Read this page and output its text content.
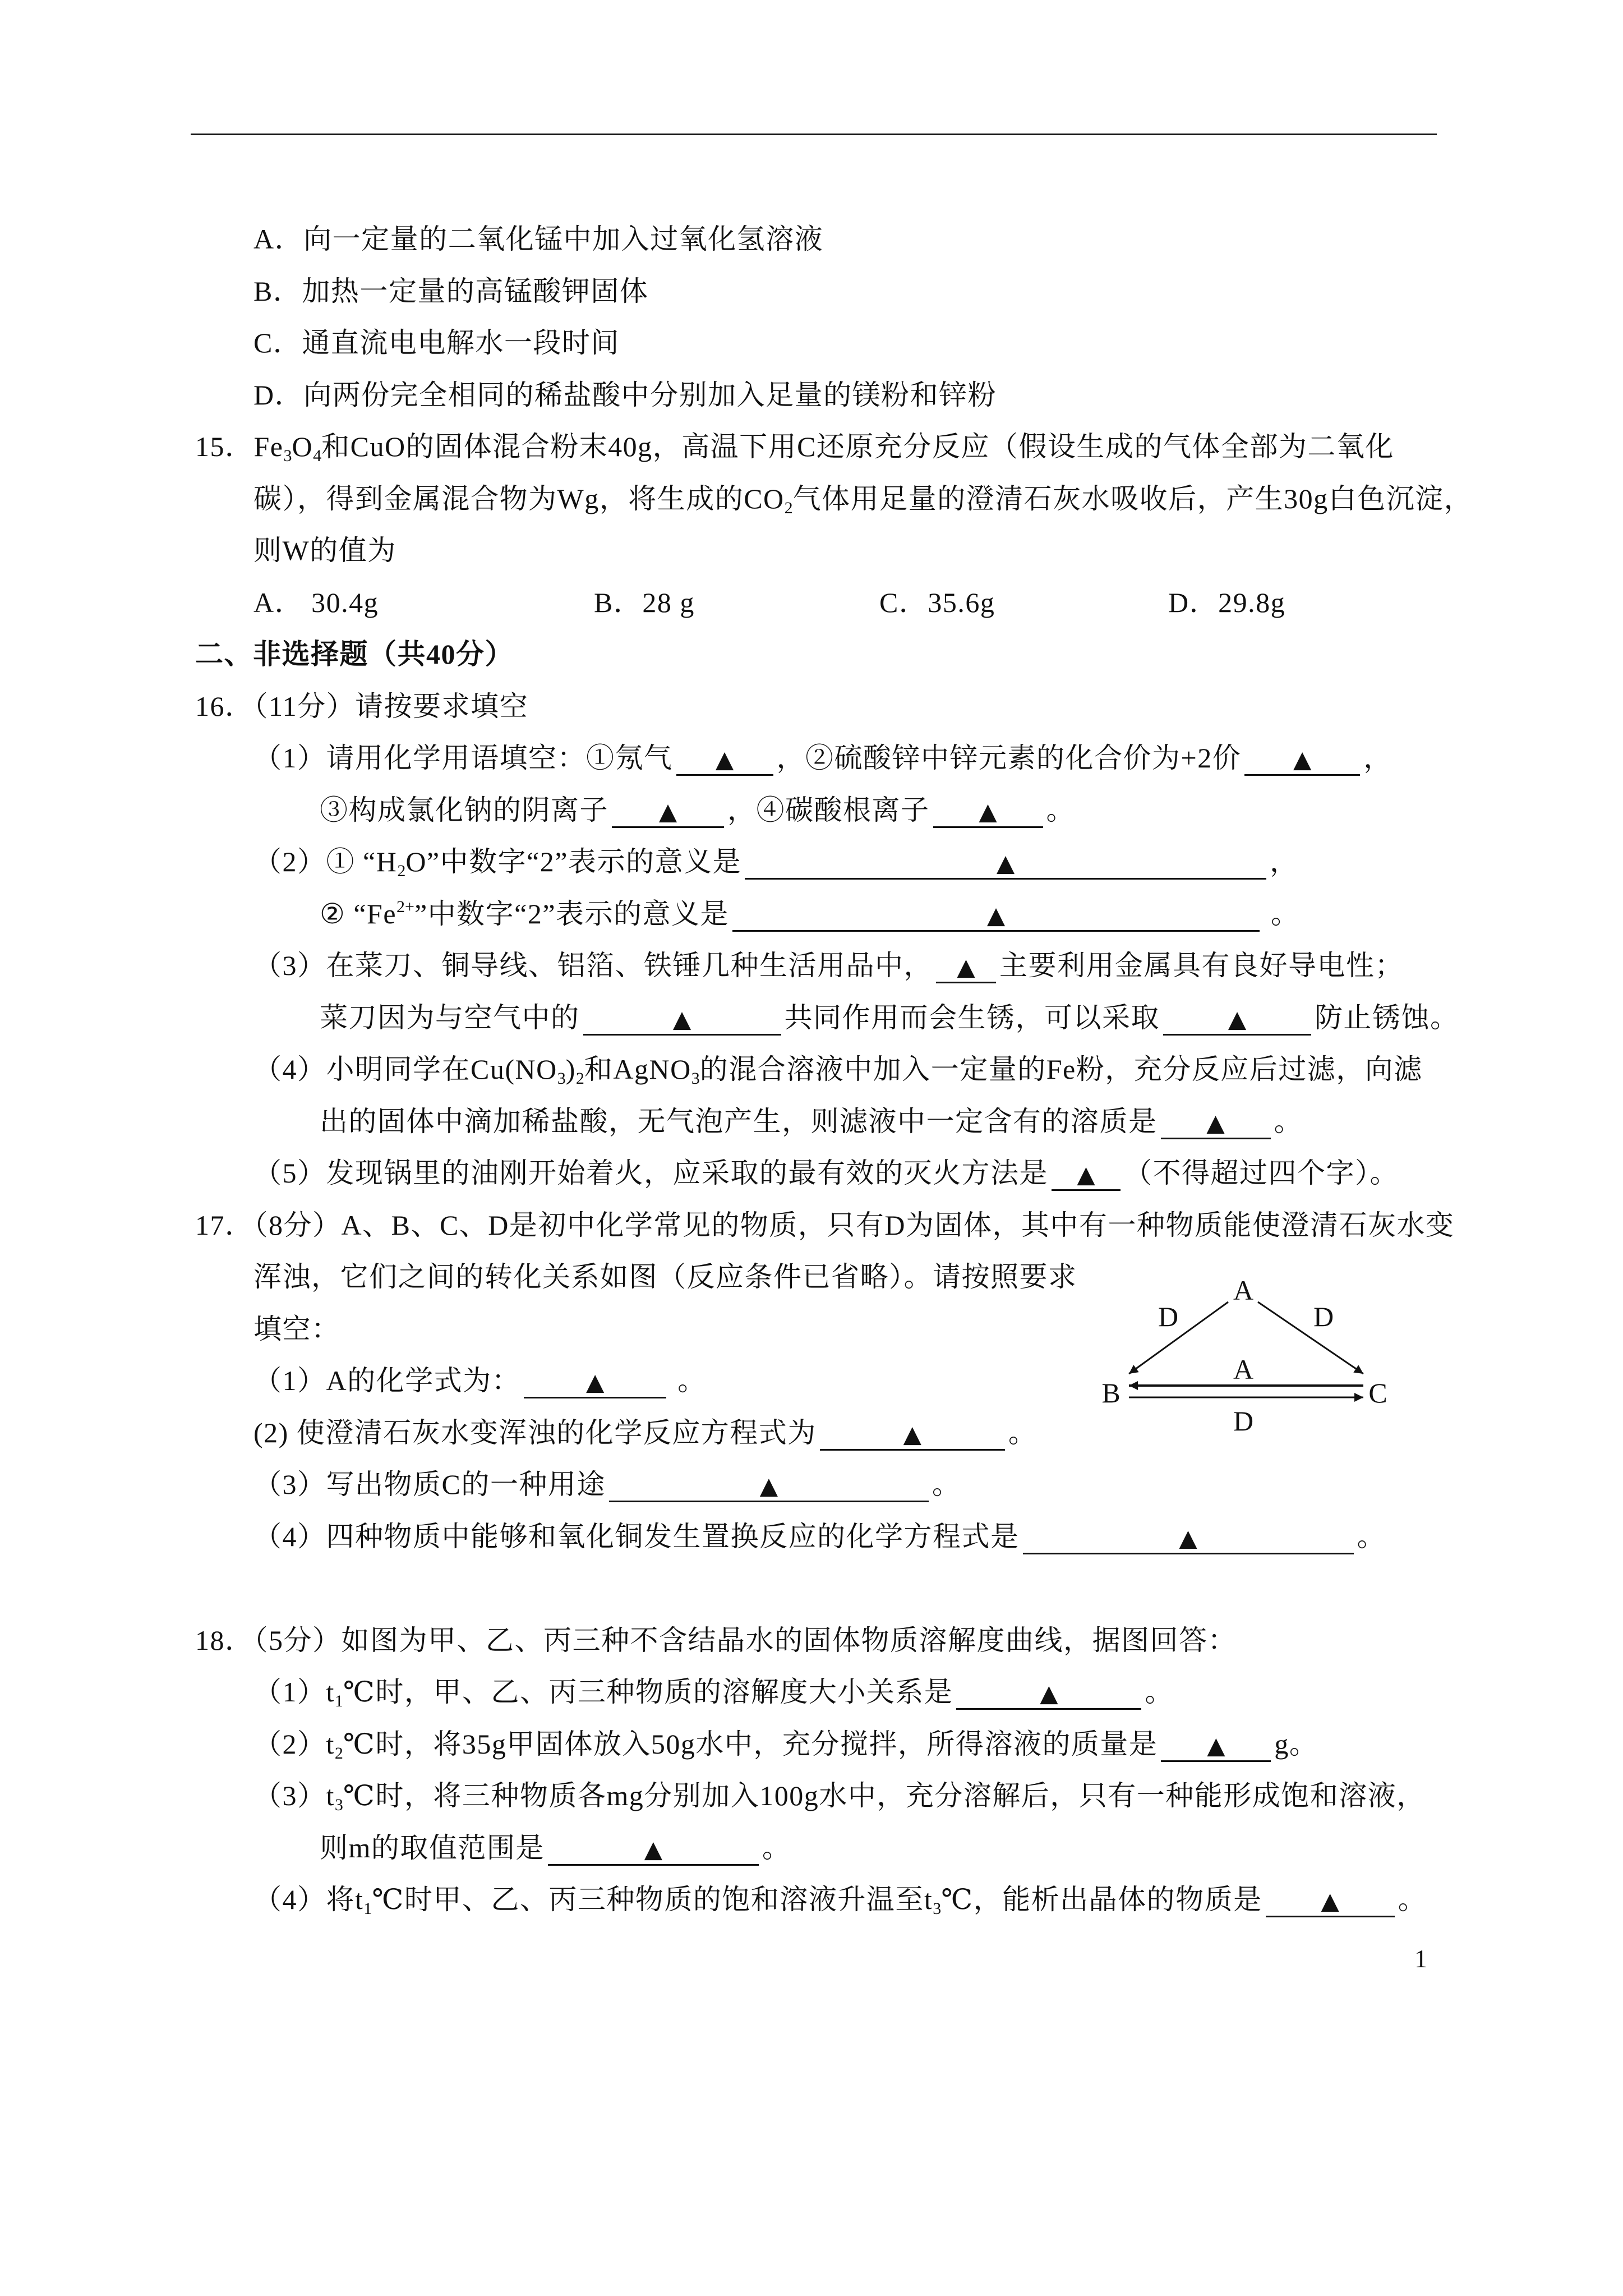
A．向一定量的二氧化锰中加入过氧化氢溶液
B．加热一定量的高锰酸钾固体
C．通直流电电解水一段时间
D．向两份完全相同的稀盐酸中分别加入足量的镁粉和锌粉
15．$Fe_3O_4$和CuO的固体混合粉末40g，高温下用C还原充分反应（假设生成的气体全部为二氧化
碳），得到金属混合物为Wg，将生成的$CO_2$气体用足量的澄清石灰水吸收后，产生30g白色沉淀，
则W的值为
A． 30.4g	B．28 g	C．35.6g	D．29.8g
二、非选择题（共40分）
16．（11分）请按要求填空
（1）请用化学用语填空：①氖气 ▲ ，②硫酸锌中锌元素的化合价为+2价 ▲ ，
③构成氯化钠的阴离子 ▲ ，④碳酸根离子 ▲ 。
（2）① “$H_2O$”中数字“2”表示的意义是	▲	，
② “$Fe^{2+}$”中数字“2”表示的意义是	▲	。
（3）在菜刀、铜导线、铝箔、铁锤几种生活用品中， ▲ 主要利用金属具有良好导电性；
菜刀因为与空气中的	▲	共同作用而会生锈，可以采取	▲ 防止锈蚀。
（4）小明同学在$Cu(NO_3)_2$和AgNO$_3$的混合溶液中加入一定量的Fe粉，充分反应后过滤，向滤
出的固体中滴加稀盐酸，无气泡产生，则滤液中一定含有的溶质是 ▲ 。
（5）发现锅里的油刚开始着火，应采取的最有效的灭火方法是 ▲ （不得超过四个字）。
17．（8分）A、B、C、D是初中化学常见的物质，只有D为固体，其中有一种物质能使澄清石灰水变
浑浊，它们之间的转化关系如图（反应条件已省略）。请按照要求
填空：
（1）A的化学式为：	▲ 。
(2) 使澄清石灰水变浑浊的化学反应方程式为	▲	。
（3）写出物质C的一种用途	▲	。
（4）四种物质中能够和氧化铜发生置换反应的化学方程式是	▲	。
18．（5分）如图为甲、乙、丙三种不含结晶水的固体物质溶解度曲线，据图回答：
$(1)t_1℃$时，甲、乙、丙三种物质的溶解度大小关系是	▲	。
$(2)t_2℃$时，将35g甲固体放入50g水中，充分搅拌，所得溶液的质量是 ▲ g。
$(3)t_3℃$时，将三种物质各mg分别加入100g水中，充分溶解后，只有一种能形成饱和溶液，
则m的取值范围是	▲	。
（4）将$t_1℃$时甲、乙、丙三种物质的饱和溶液升温至$t_3℃$，能析出晶体的物质是 ▲ 。
A
D	D
B	C
A
D
1
